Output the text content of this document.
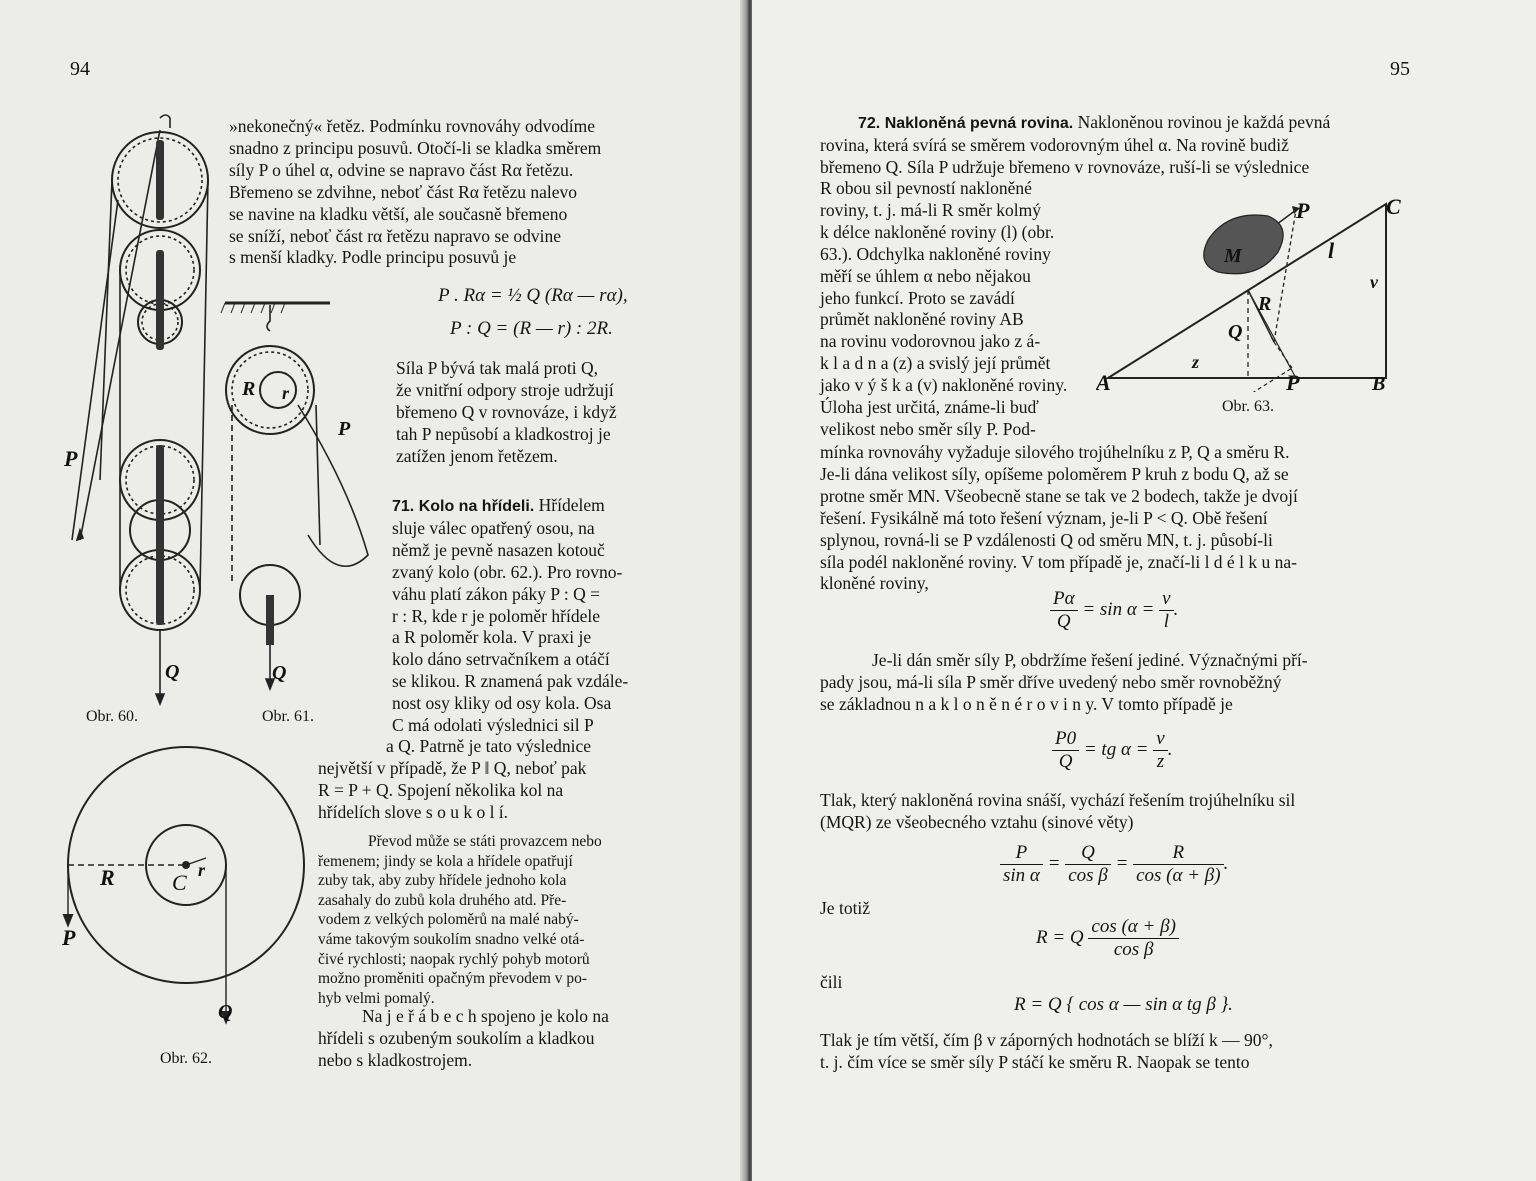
94
P
Q
Obr. 60.
R r
P
Q
Obr. 61.
R	C r
P
Q
Obr. 62.
»nekonečný« řetěz. Podmínku rovnováhy odvodíme
snadno z principu posuvů. Otočí-li se kladka směrem
síly P o úhel α, odvine se napravo část Rα řetězu.
Břemeno se zdvihne, neboť část Rα řetězu nalevo
se navine na kladku větší, ale současně břemeno
se sníží, neboť část rα řetězu napravo se odvine
s menší kladky. Podle principu posuvů je
P . Rα = ½ Q (Rα — rα),
P : Q = (R — r) : 2R.
Síla P bývá tak malá proti Q,
že vnitřní odpory stroje udržují
břemeno Q v rovnováze, i když
tah P nepůsobí a kladkostroj je
zatížen jenom řetězem.
71. Kolo na hřídeli. Hřídelem
sluje válec opatřený osou, na
němž je pevně nasazen kotouč
zvaný kolo (obr. 62.). Pro rovno-
váhu platí zákon páky P : Q =
r : R, kde r je poloměr hřídele
a R poloměr kola. V praxi je
kolo dáno setrvačníkem a otáčí
se klikou. R znamená pak vzdále-
nost osy kliky od osy kola. Osa
C má odolati výslednici sil P
a Q. Patrně je tato výslednice
největší v případě, že P ‖ Q, neboť pak
R = P + Q. Spojení několika kol na
hřídelích slove s o u k o l í.
Převod může se státi provazcem nebo
řemenem; jindy se kola a hřídele opatřují
zuby tak, aby zuby hřídele jednoho kola
zasahaly do zubů kola druhého atd. Pře-
vodem z velkých poloměrů na malé nabý-
váme takovým soukolím snadno velké otá-
čivé rychlosti; naopak rychlý pohyb motorů
možno proměniti opačným převodem v po-
hyb velmi pomalý.
Na j e ř á b e c h spojeno je kolo na
hřídeli s ozubeným soukolím a kladkou
nebo s kladkostrojem.
95
72. Nakloněná pevná rovina. Nakloněnou rovinou je každá pevná
rovina, která svírá se směrem vodorovným úhel α. Na rovině budiž
břemeno Q. Síla P udržuje břemeno v rovnováze, ruší-li se výslednice
R obou sil pevností nakloněné
roviny, t. j. má-li R směr kolmý
k délce nakloněné roviny (l) (obr.
63.). Odchylka nakloněné roviny
měří se úhlem α nebo nějakou
jeho funkcí. Proto se zavádí
průmět nakloněné roviny AB
na rovinu vodorovnou jako z á-
k l a d n a (z) a svislý její průmět
jako v ý š k a (v) nakloněné roviny.
Úloha jest určitá, známe-li buď
velikost nebo směr síly P. Pod-
M
P	C
l
v
R
Q
z
A	P	B
Obr. 63.
mínka rovnováhy vyžaduje silového trojúhelníku z P, Q a směru R.
Je-li dána velikost síly, opíšeme poloměrem P kruh z bodu Q, až se
protne směr MN. Všeobecně stane se tak ve 2 bodech, takže je dvojí
řešení. Fysikálně má toto řešení význam, je-li P < Q. Obě řešení
splynou, rovná-li se P vzdálenosti Q od směru MN, t. j. působí-li
síla podél nakloněné roviny. V tom případě je, značí-li l d é l k u na-
kloněné roviny,
$\frac{P\alpha}{Q} = \sin \alpha = \frac{v}{l}$ .
Je-li dán směr síly P, obdržíme řešení jediné. Význačnými pří-
pady jsou, má-li síla P směr dříve uvedený nebo směr rovnoběžný
se základnou n a k l o n ě n é r o v i n y. V tomto případě je
$\frac{P0}{Q}$ = tg $\alpha = \frac{v}{z}$ .
Tlak, který nakloněná rovina snáší, vychází řešením trojúhelníku sil
(MQR) ze všeobecného vztahu (sinové věty)
$\frac{P}{\text{sin α}} = \frac{Q}{\text{cos β}} = \frac{R}{\cos (\alpha + \beta)}$ .
Je totiž
R = Q $\frac{\cos (\alpha + \beta)}{\text{cos β}}$
čili
R = Q { cos α — sin α tg β }.
Tlak je tím větší, čím β v záporných hodnotách se blíží k — 90°,
t. j. čím více se směr síly P stáčí ke směru R. Naopak se tento
